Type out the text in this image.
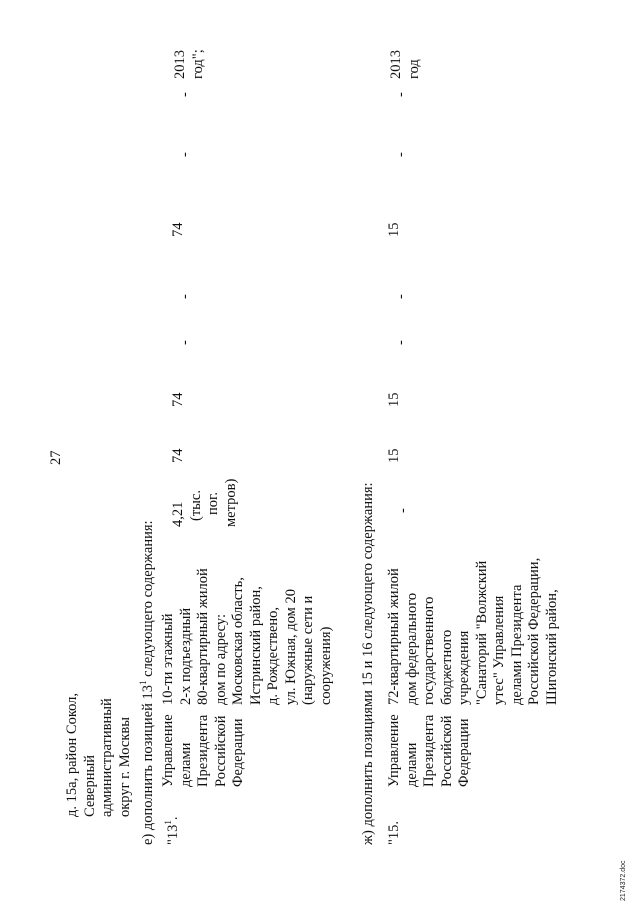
27
д. 15а, район Сокол, Северный административный округ г. Москвы е) дополнить позицией $13^1$ следующего содержания:
"$13^1$.
Управление делами Президента Российской Федерации
10-ти этажный 2-х подъездный 80-квартирный жилой дом по адресу: Московская область, Истринский район, д. Рождествено, ул. Южная, дом 20 (наружные сети и сооружения)
4,21 (тыс. пог. метров)
74
74
-
-
74
-
-
2013 год";
ж) дополнить позициями 15 и 16 следующего содержания: "15.
Управление делами Президента Российской Федерации
72-квартирный жилой дом федерального государственного бюджетного учреждения "Санаторий "Волжский утес" Управления делами Президента Российской Федерации, Шигонский район,
-
15
15
-
-
15
-
-
2013 год
2174372.doc
